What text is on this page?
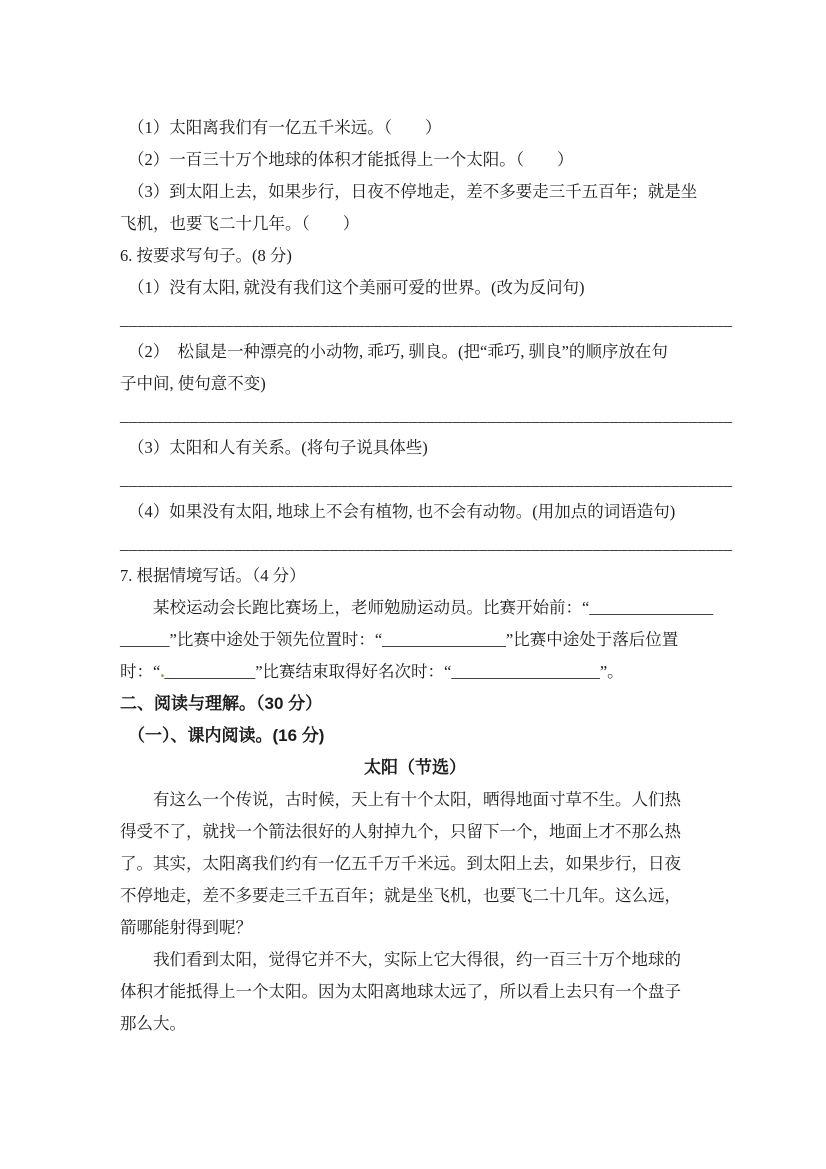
（1）太阳离我们有一亿五千米远。（　　）
（2）一百三十万个地球的体积才能抵得上一个太阳。（　　）
（3）到太阳上去，如果步行，日夜不停地走，差不多要走三千五百年；就是坐
飞机，也要飞二十几年。（　　）
6. 按要求写句子。(8 分)
（1）没有太阳, 就没有我们这个美丽可爱的世界。(改为反问句)
______________________________________________________________________
（2）  松鼠是一种漂亮的小动物, 乖巧, 驯良。(把“乖巧, 驯良”的顺序放在句
子中间, 使句意不变)
______________________________________________________________________
（3）太阳和人有关系。(将句子说具体些)
______________________________________________________________________
（4）如果没有太阳, 地球上不会有植物, 也不会有动物。(用加点的词语造句)
______________________________________________________________________
7. 根据情境写话。（4 分）
某校运动会长跑比赛场上，老师勉励运动员。比赛开始前：“_______________
______”比赛中途处于领先位置时：“_______________”比赛中途处于落后位置
时：“.___________”比赛结束取得好名次时：“__________________”。
二、阅读与理解。（30 分）
（一）、课内阅读。(16 分)
太阳（节选）
有这么一个传说，古时候，天上有十个太阳，晒得地面寸草不生。人们热
得受不了，就找一个箭法很好的人射掉九个，只留下一个，地面上才不那么热
了。其实，太阳离我们约有一亿五千万千米远。到太阳上去，如果步行，日夜
不停地走，差不多要走三千五百年；就是坐飞机，也要飞二十几年。这么远，
箭哪能射得到呢？
我们看到太阳，觉得它并不大，实际上它大得很，约一百三十万个地球的
体积才能抵得上一个太阳。因为太阳离地球太远了，所以看上去只有一个盘子
那么大。
